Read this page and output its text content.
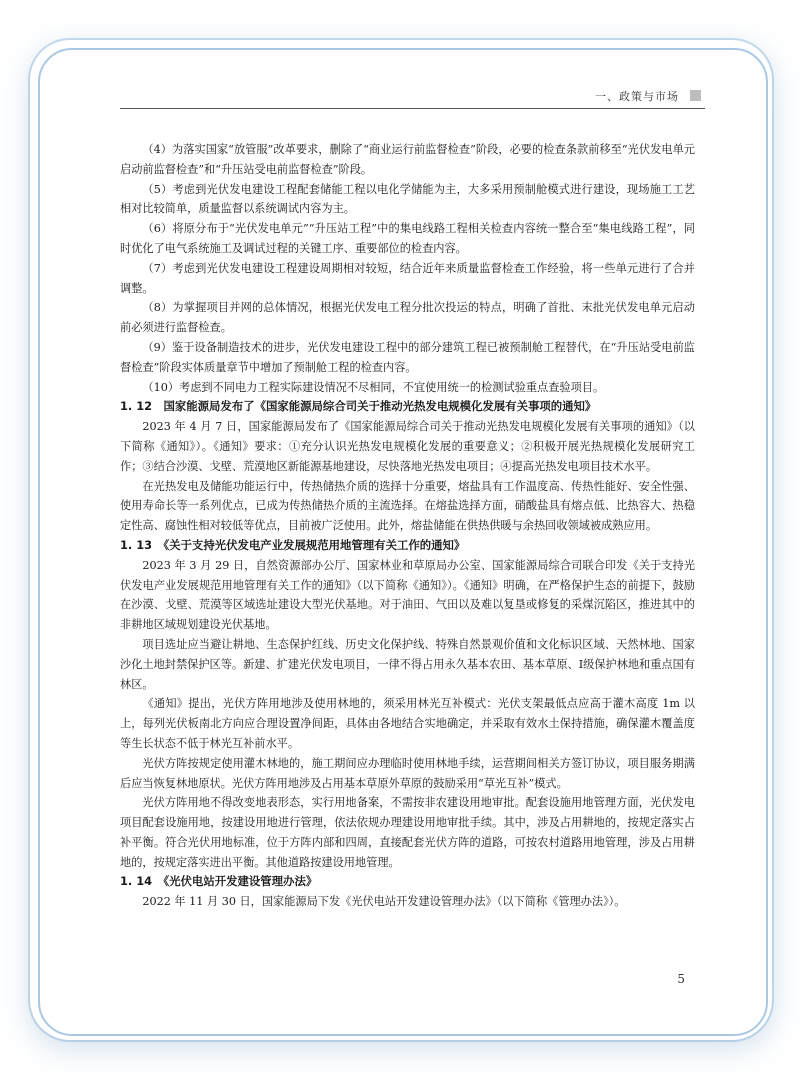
一、政策与市场

（4）为落实国家“放管服”改革要求，删除了“商业运行前监督检查”阶段，必要的检查条款前移至“光伏发电单元启动前监督检查”和“升压站受电前监督检查”阶段。

（5）考虑到光伏发电建设工程配套储能工程以电化学储能为主，大多采用预制舱模式进行建设，现场施工工艺相对比较简单，质量监督以系统调试内容为主。

（6）将原分布于“光伏发电单元”“升压站工程”中的集电线路工程相关检查内容统一整合至“集电线路工程”，同时优化了电气系统施工及调试过程的关键工序、重要部位的检查内容。

（7）考虑到光伏发电建设工程建设周期相对较短，结合近年来质量监督检查工作经验，将一些单元进行了合并调整。

（8）为掌握项目并网的总体情况，根据光伏发电工程分批次投运的特点，明确了首批、末批光伏发电单元启动前必须进行监督检查。

（9）鉴于设备制造技术的进步，光伏发电建设工程中的部分建筑工程已被预制舱工程替代，在“升压站受电前监督检查”阶段实体质量章节中增加了预制舱工程的检查内容。

（10）考虑到不同电力工程实际建设情况不尽相同，不宜使用统一的检测试验重点查验项目。

1. 12　国家能源局发布了《国家能源局综合司关于推动光热发电规模化发展有关事项的通知》

2023 年 4 月 7 日，国家能源局发布了《国家能源局综合司关于推动光热发电规模化发展有关事项的通知》（以下简称《通知》）。《通知》要求：①充分认识光热发电规模化发展的重要意义；②积极开展光热规模化发展研究工作；③结合沙漠、戈壁、荒漠地区新能源基地建设，尽快落地光热发电项目；④提高光热发电项目技术水平。

在光热发电及储能功能运行中，传热储热介质的选择十分重要，熔盐具有工作温度高、传热性能好、安全性强、使用寿命长等一系列优点，已成为传热储热介质的主流选择。在熔盐选择方面，硝酸盐具有熔点低、比热容大、热稳定性高、腐蚀性相对较低等优点，目前被广泛使用。此外，熔盐储能在供热供暖与余热回收领域被成熟应用。

1. 13　《关于支持光伏发电产业发展规范用地管理有关工作的通知》

2023 年 3 月 29 日，自然资源部办公厅、国家林业和草原局办公室、国家能源局综合司联合印发《关于支持光伏发电产业发展规范用地管理有关工作的通知》（以下简称《通知》）。《通知》明确，在严格保护生态的前提下，鼓励在沙漠、戈壁、荒漠等区域选址建设大型光伏基地。对于油田、气田以及难以复垦或修复的采煤沉陷区，推进其中的非耕地区域规划建设光伏基地。

项目选址应当避让耕地、生态保护红线、历史文化保护线、特殊自然景观价值和文化标识区域、天然林地、国家沙化土地封禁保护区等。新建、扩建光伏发电项目，一律不得占用永久基本农田、基本草原、Ⅰ级保护林地和重点国有林区。

《通知》提出，光伏方阵用地涉及使用林地的，须采用林光互补模式：光伏支架最低点应高于灌木高度 1m 以上，每列光伏板南北方向应合理设置净间距，具体由各地结合实地确定，并采取有效水土保持措施，确保灌木覆盖度等生长状态不低于林光互补前水平。

光伏方阵按规定使用灌木林地的，施工期间应办理临时使用林地手续，运营期间相关方签订协议，项目服务期满后应当恢复林地原状。光伏方阵用地涉及占用基本草原外草原的鼓励采用“草光互补”模式。

光伏方阵用地不得改变地表形态，实行用地备案，不需按非农建设用地审批。配套设施用地管理方面，光伏发电项目配套设施用地，按建设用地进行管理，依法依规办理建设用地审批手续。其中，涉及占用耕地的，按规定落实占补平衡。符合光伏用地标准，位于方阵内部和四周，直接配套光伏方阵的道路，可按农村道路用地管理，涉及占用耕地的，按规定落实进出平衡。其他道路按建设用地管理。

1. 14　《光伏电站开发建设管理办法》

2022 年 11 月 30 日，国家能源局下发《光伏电站开发建设管理办法》（以下简称《管理办法》）。

5
